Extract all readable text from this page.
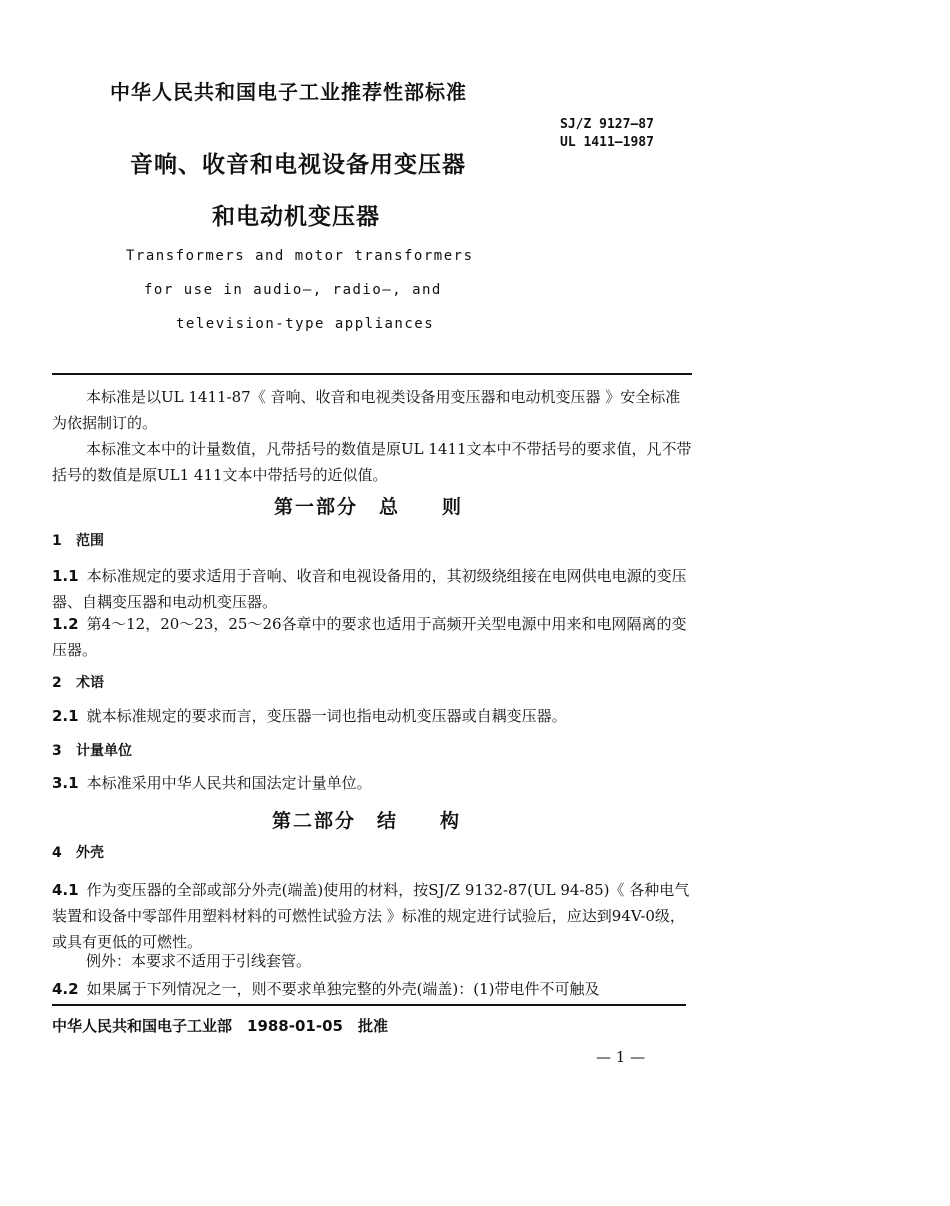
中华人民共和国电子工业推荐性部标准
SJ/Z 9127—87
UL 1411—1987
音响、收音和电视设备用变压器
和电动机变压器
Transformers and motor transformers
for use in audio—, radio—, and
television-type appliances

本标准是以UL 1411-87《 音响、收音和电视类设备用变压器和电动机变压器 》安全标准为依据制订的。

本标准文本中的计量数值，凡带括号的数值是原UL 1411文本中不带括号的要求值，凡不带括号的数值是原UL1 411文本中带括号的近似值。

第一部分　总　　则
1 范围
1.1 本标准规定的要求适用于音响、收音和电视设备用的，其初级绕组接在电网供电电源的变压器、自耦变压器和电动机变压器。
1.2 第4～12，20～23，25～26各章中的要求也适用于高频开关型电源中用来和电网隔离的变压器。
2 术语
2.1 就本标准规定的要求而言，变压器一词也指电动机变压器或自耦变压器。
3 计量单位
3.1 本标准采用中华人民共和国法定计量单位。
第二部分　结　　构
4 外壳
4.1 作为变压器的全部或部分外壳(端盖)使用的材料，按SJ/Z 9132-87(UL 94-85)《 各种电气装置和设备中零部件用塑料材料的可燃性试验方法 》标准的规定进行试验后，应达到94V-0级，或具有更低的可燃性。
例外：本要求不适用于引线套管。
4.2 如果属于下列情况之一，则不要求单独完整的外壳(端盖)：(1)带电件不可触及
中华人民共和国电子工业部　1988-01-05　批准
— 1 —
